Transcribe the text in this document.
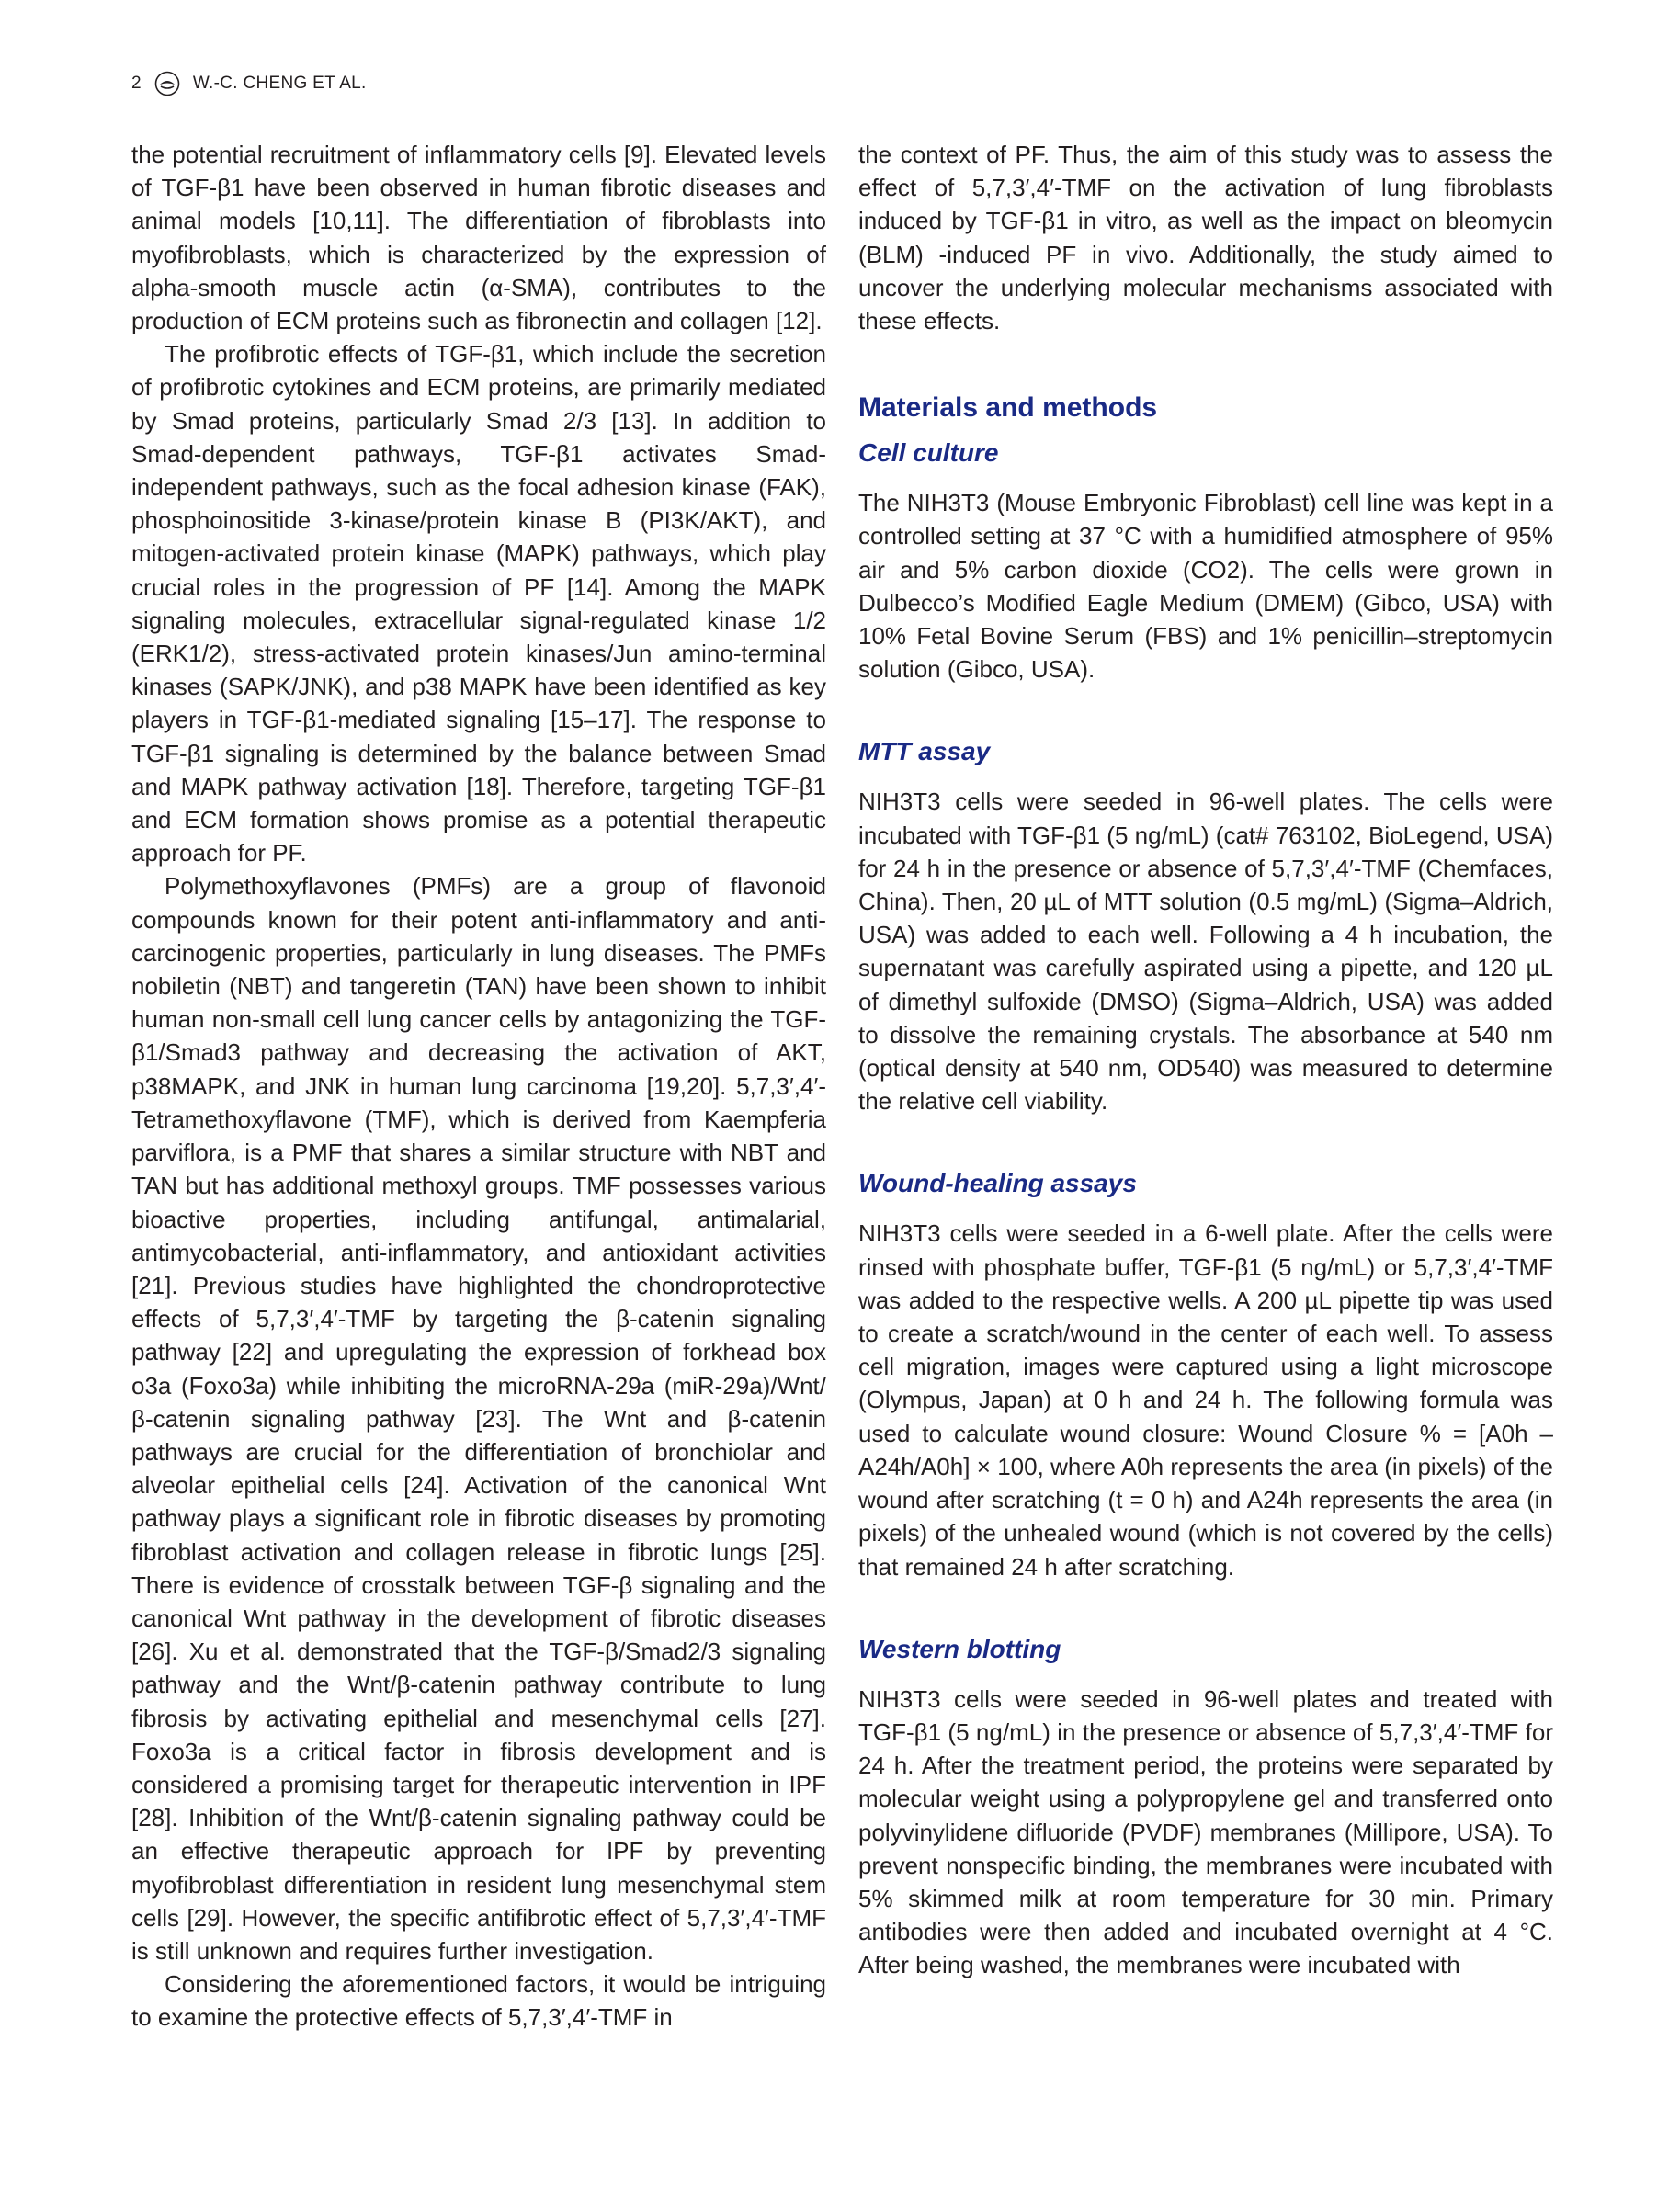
2	W.-C. CHENG ET AL.

the potential recruitment of inflammatory cells [9]. Elevated levels of TGF-β1 have been observed in human fibrotic diseases and animal models [10,11]. The differentiation of fibroblasts into myofibroblasts, which is characterized by the expression of alpha-smooth muscle actin (α-SMA), contributes to the production of ECM proteins such as fibronectin and collagen [12].

The profibrotic effects of TGF-β1, which include the secretion of profibrotic cytokines and ECM proteins, are primarily mediated by Smad proteins, particularly Smad 2/3 [13]. In addition to Smad-dependent pathways, TGF-β1 activates Smad-independent pathways, such as the focal adhesion kinase (FAK), phosphoinositide 3-kinase/protein kinase B (PI3K/AKT), and mitogen-activated protein kinase (MAPK) pathways, which play crucial roles in the progression of PF [14]. Among the MAPK signaling molecules, extracellular signal-regulated kinase 1/2 (ERK1/2), stress-activated protein kinases/Jun amino-terminal kinases (SAPK/JNK), and p38 MAPK have been identified as key players in TGF-β1-mediated signaling [15–17]. The response to TGF-β1 signaling is determined by the balance between Smad and MAPK pathway activation [18]. Therefore, targeting TGF-β1 and ECM formation shows promise as a potential therapeutic approach for PF.

Polymethoxyflavones (PMFs) are a group of flavonoid compounds known for their potent anti-inflammatory and anti-carcinogenic properties, particularly in lung diseases. The PMFs nobiletin (NBT) and tangeretin (TAN) have been shown to inhibit human non-small cell lung cancer cells by antagonizing the TGF-β1/Smad3 pathway and decreasing the activation of AKT, p38MAPK, and JNK in human lung carcinoma [19,20]. 5,7,3′,4′-Tetramethoxyflavone (TMF), which is derived from Kaempferia parviflora, is a PMF that shares a similar structure with NBT and TAN but has additional methoxyl groups. TMF possesses various bioactive properties, including antifungal, antimalarial, antimycobacterial, anti-inflammatory, and antioxidant activities [21]. Previous studies have highlighted the chondroprotective effects of 5,7,3′,4′-TMF by targeting the β-catenin signaling pathway [22] and upregulating the expression of forkhead box o3a (Foxo3a) while inhibiting the microRNA-29a (miR-29a)/Wnt/β-catenin signaling pathway [23]. The Wnt and β-catenin pathways are crucial for the differentiation of bronchiolar and alveolar epithelial cells [24]. Activation of the canonical Wnt pathway plays a significant role in fibrotic diseases by promoting fibroblast activation and collagen release in fibrotic lungs [25]. There is evidence of crosstalk between TGF-β signaling and the canonical Wnt pathway in the development of fibrotic diseases [26]. Xu et al. demonstrated that the TGF-β/Smad2/3 signaling pathway and the Wnt/β-catenin pathway contribute to lung fibrosis by activating epithelial and mesenchymal cells [27]. Foxo3a is a critical factor in fibrosis development and is considered a promising target for therapeutic intervention in IPF [28]. Inhibition of the Wnt/β-catenin signaling pathway could be an effective therapeutic approach for IPF by preventing myofibroblast differentiation in resident lung mesenchymal stem cells [29]. However, the specific antifibrotic effect of 5,7,3′,4′-TMF is still unknown and requires further investigation.

Considering the aforementioned factors, it would be intriguing to examine the protective effects of 5,7,3′,4′-TMF in

the context of PF. Thus, the aim of this study was to assess the effect of 5,7,3′,4′-TMF on the activation of lung fibroblasts induced by TGF-β1 in vitro, as well as the impact on bleomycin (BLM) -induced PF in vivo. Additionally, the study aimed to uncover the underlying molecular mechanisms associated with these effects.

Materials and methods
Cell culture

The NIH3T3 (Mouse Embryonic Fibroblast) cell line was kept in a controlled setting at 37 °C with a humidified atmosphere of 95% air and 5% carbon dioxide (CO2). The cells were grown in Dulbecco’s Modified Eagle Medium (DMEM) (Gibco, USA) with 10% Fetal Bovine Serum (FBS) and 1% penicillin–streptomycin solution (Gibco, USA).

MTT assay

NIH3T3 cells were seeded in 96-well plates. The cells were incubated with TGF-β1 (5 ng/mL) (cat# 763102, BioLegend, USA) for 24 h in the presence or absence of 5,7,3′,4′-TMF (Chemfaces, China). Then, 20 µL of MTT solution (0.5 mg/mL) (Sigma–Aldrich, USA) was added to each well. Following a 4 h incubation, the supernatant was carefully aspirated using a pipette, and 120 µL of dimethyl sulfoxide (DMSO) (Sigma–Aldrich, USA) was added to dissolve the remaining crystals. The absorbance at 540 nm (optical density at 540 nm, OD540) was measured to determine the relative cell viability.

Wound-healing assays

NIH3T3 cells were seeded in a 6-well plate. After the cells were rinsed with phosphate buffer, TGF-β1 (5 ng/mL) or 5,7,3′,4′-TMF was added to the respective wells. A 200 µL pipette tip was used to create a scratch/wound in the center of each well. To assess cell migration, images were captured using a light microscope (Olympus, Japan) at 0 h and 24 h. The following formula was used to calculate wound closure: Wound Closure % = [A0h – A24h/A0h] × 100, where A0h represents the area (in pixels) of the wound after scratching (t = 0 h) and A24h represents the area (in pixels) of the unhealed wound (which is not covered by the cells) that remained 24 h after scratching.

Western blotting

NIH3T3 cells were seeded in 96-well plates and treated with TGF-β1 (5 ng/mL) in the presence or absence of 5,7,3′,4′-TMF for 24 h. After the treatment period, the proteins were separated by molecular weight using a polypropylene gel and transferred onto polyvinylidene difluoride (PVDF) membranes (Millipore, USA). To prevent nonspecific binding, the membranes were incubated with 5% skimmed milk at room temperature for 30 min. Primary antibodies were then added and incubated overnight at 4 °C. After being washed, the membranes were incubated with
